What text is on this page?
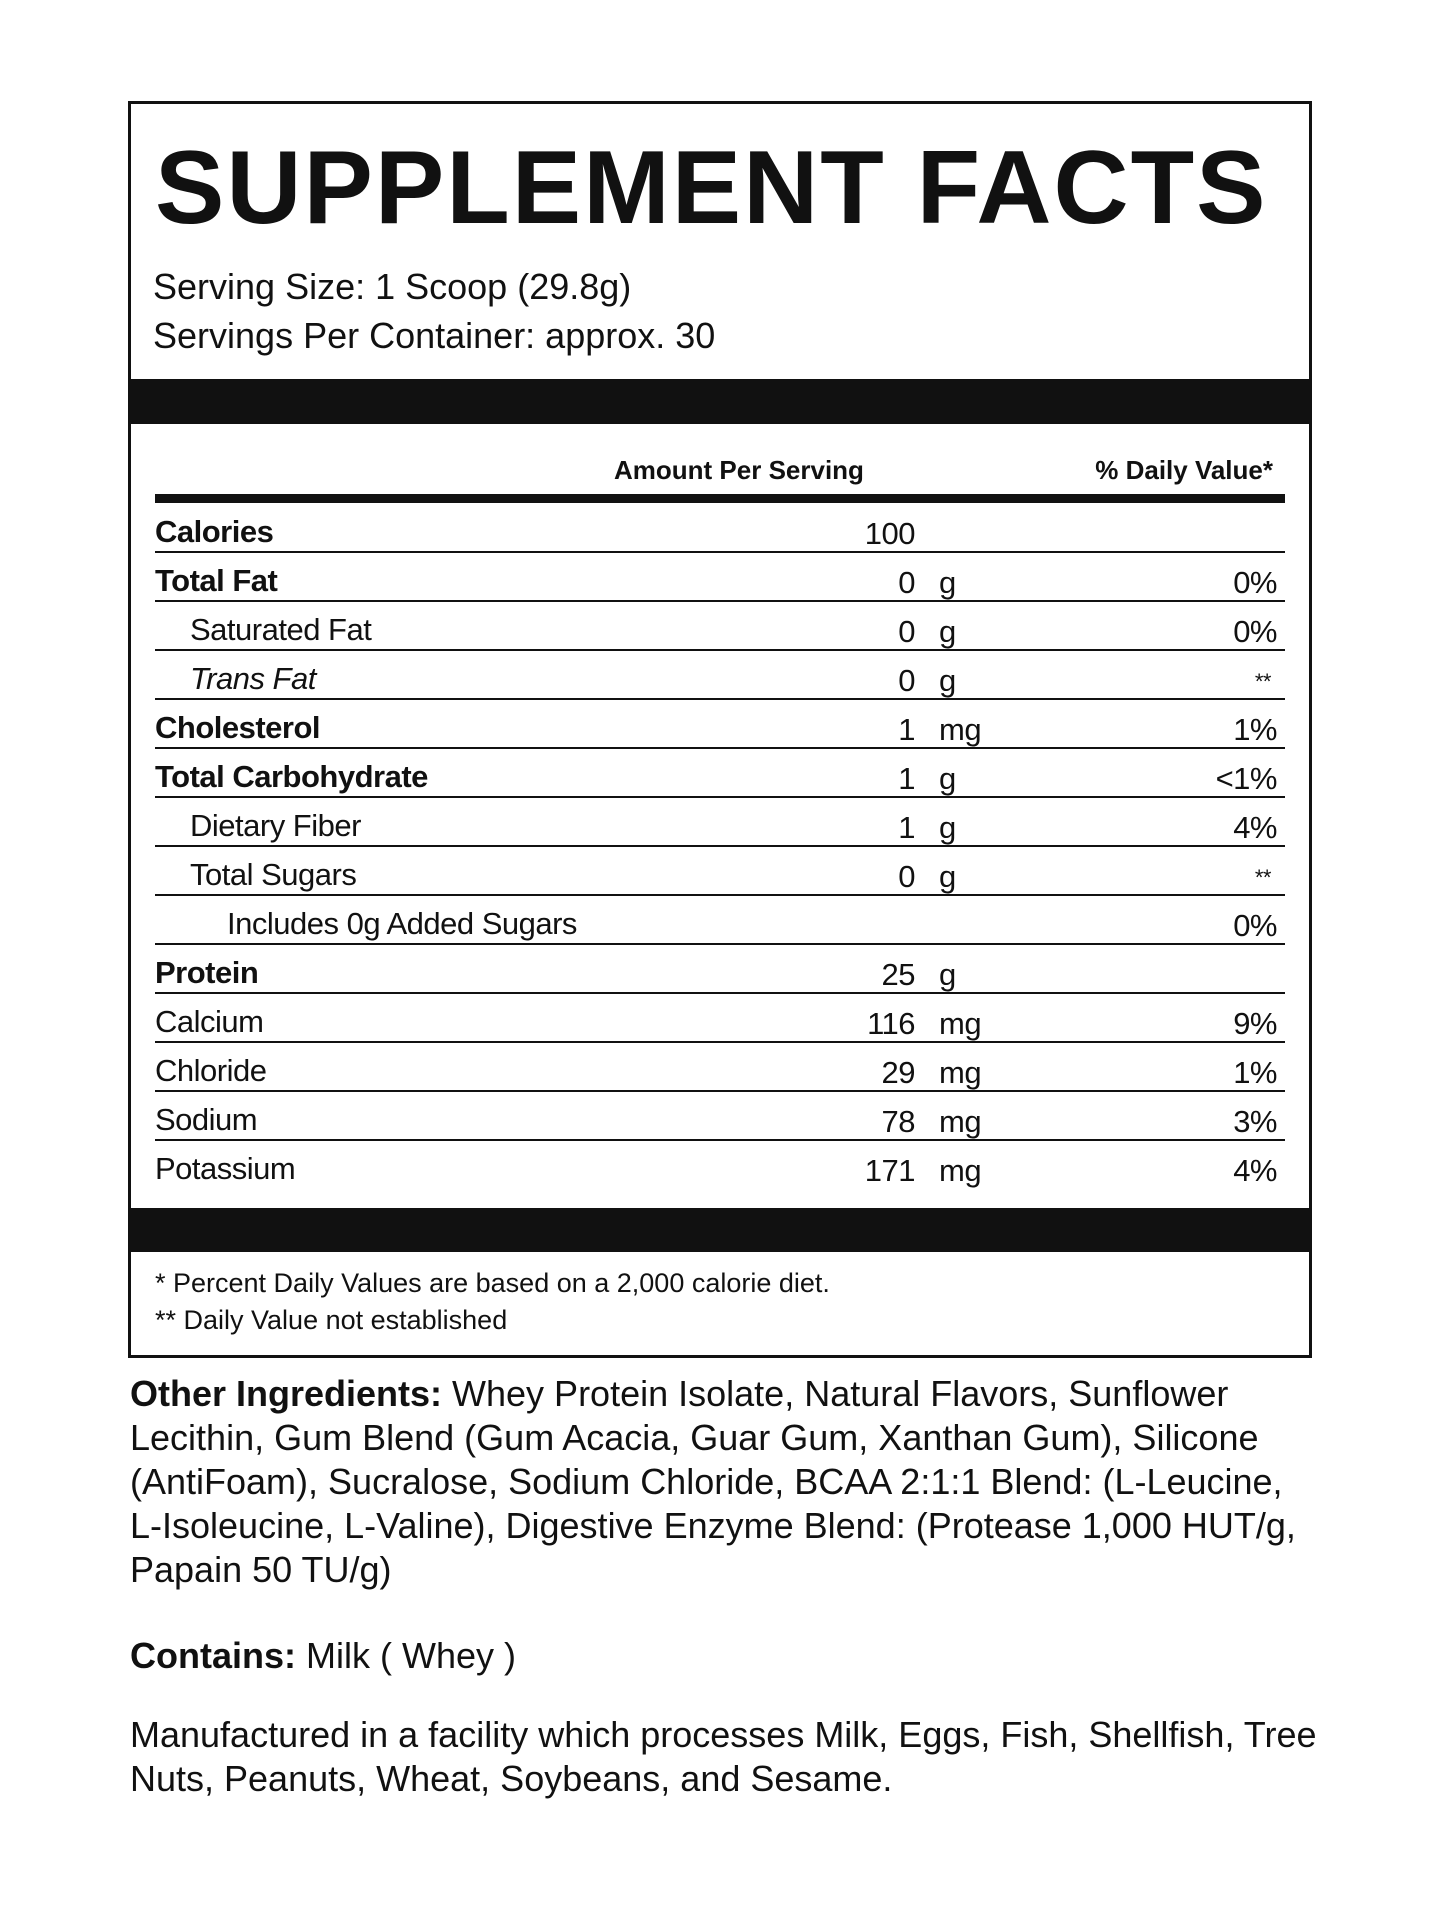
SUPPLEMENT FACTS
Serving Size: 1 Scoop (29.8g)
Servings Per Container: approx. 30
Amount Per Serving	% Daily Value*
Calories	100
Total Fat	0 g	0%
Saturated Fat	0 g	0%
Trans Fat	0 g	**
Cholesterol	1 mg	1%
Total Carbohydrate	1 g	<1%
Dietary Fiber	1 g	4%
Total Sugars	0 g	**
Includes 0g Added Sugars	0%
Protein	25 g
Calcium	116 mg	9%
Chloride	29 mg	1%
Sodium	78 mg	3%
Potassium	171 mg	4%
* Percent Daily Values are based on a 2,000 calorie diet.
** Daily Value not established

Other Ingredients: Whey Protein Isolate, Natural Flavors, Sunflower Lecithin, Gum Blend (Gum Acacia, Guar Gum, Xanthan Gum), Silicone (AntiFoam), Sucralose, Sodium Chloride, BCAA 2:1:1 Blend: (L-Leucine, L-Isoleucine, L-Valine), Digestive Enzyme Blend: (Protease 1,000 HUT/g, Papain 50 TU/g)

Contains: Milk ( Whey )

Manufactured in a facility which processes Milk, Eggs, Fish, Shellfish, Tree Nuts, Peanuts, Wheat, Soybeans, and Sesame.
